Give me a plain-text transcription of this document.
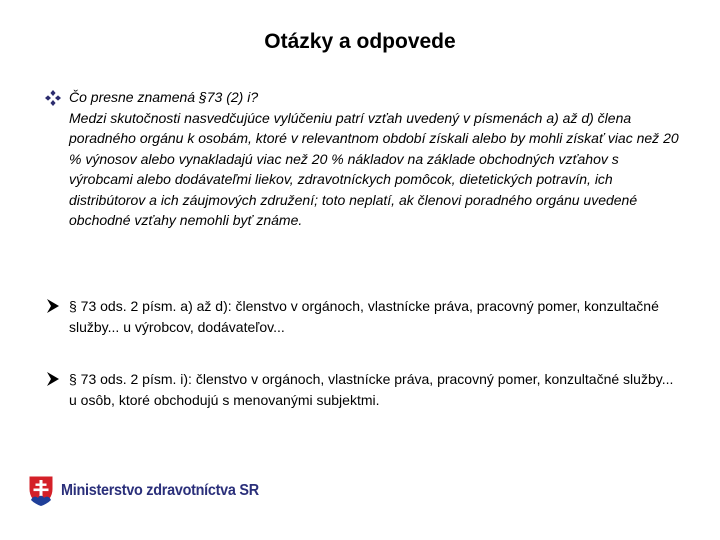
Otázky a odpovede
Čo presne znamená §73 (2) i?
Medzi skutočnosti nasvedčujúce vylúčeniu patrí vzťah uvedený v písmenách a) až d) člena poradného orgánu k osobám, ktoré v relevantnom období získali alebo by mohli získať viac než 20 % výnosov alebo vynakladajú viac než 20 % nákladov na základe obchodných vzťahov s výrobcami alebo dodávateľmi liekov, zdravotníckych pomôcok, dietetických potravín, ich distribútorov a ich záujmových združení; toto neplatí, ak členovi poradného orgánu uvedené obchodné vzťahy nemohli byť známe.
§ 73 ods. 2 písm. a) až d): členstvo v orgánoch, vlastnícke práva, pracovný pomer, konzultačné služby... u výrobcov, dodávateľov...
§ 73 ods. 2 písm. i): členstvo v orgánoch, vlastnícke práva, pracovný pomer, konzultačné služby... u osôb, ktoré obchodujú s menovanými subjektmi.
Ministerstvo zdravotníctva SR
